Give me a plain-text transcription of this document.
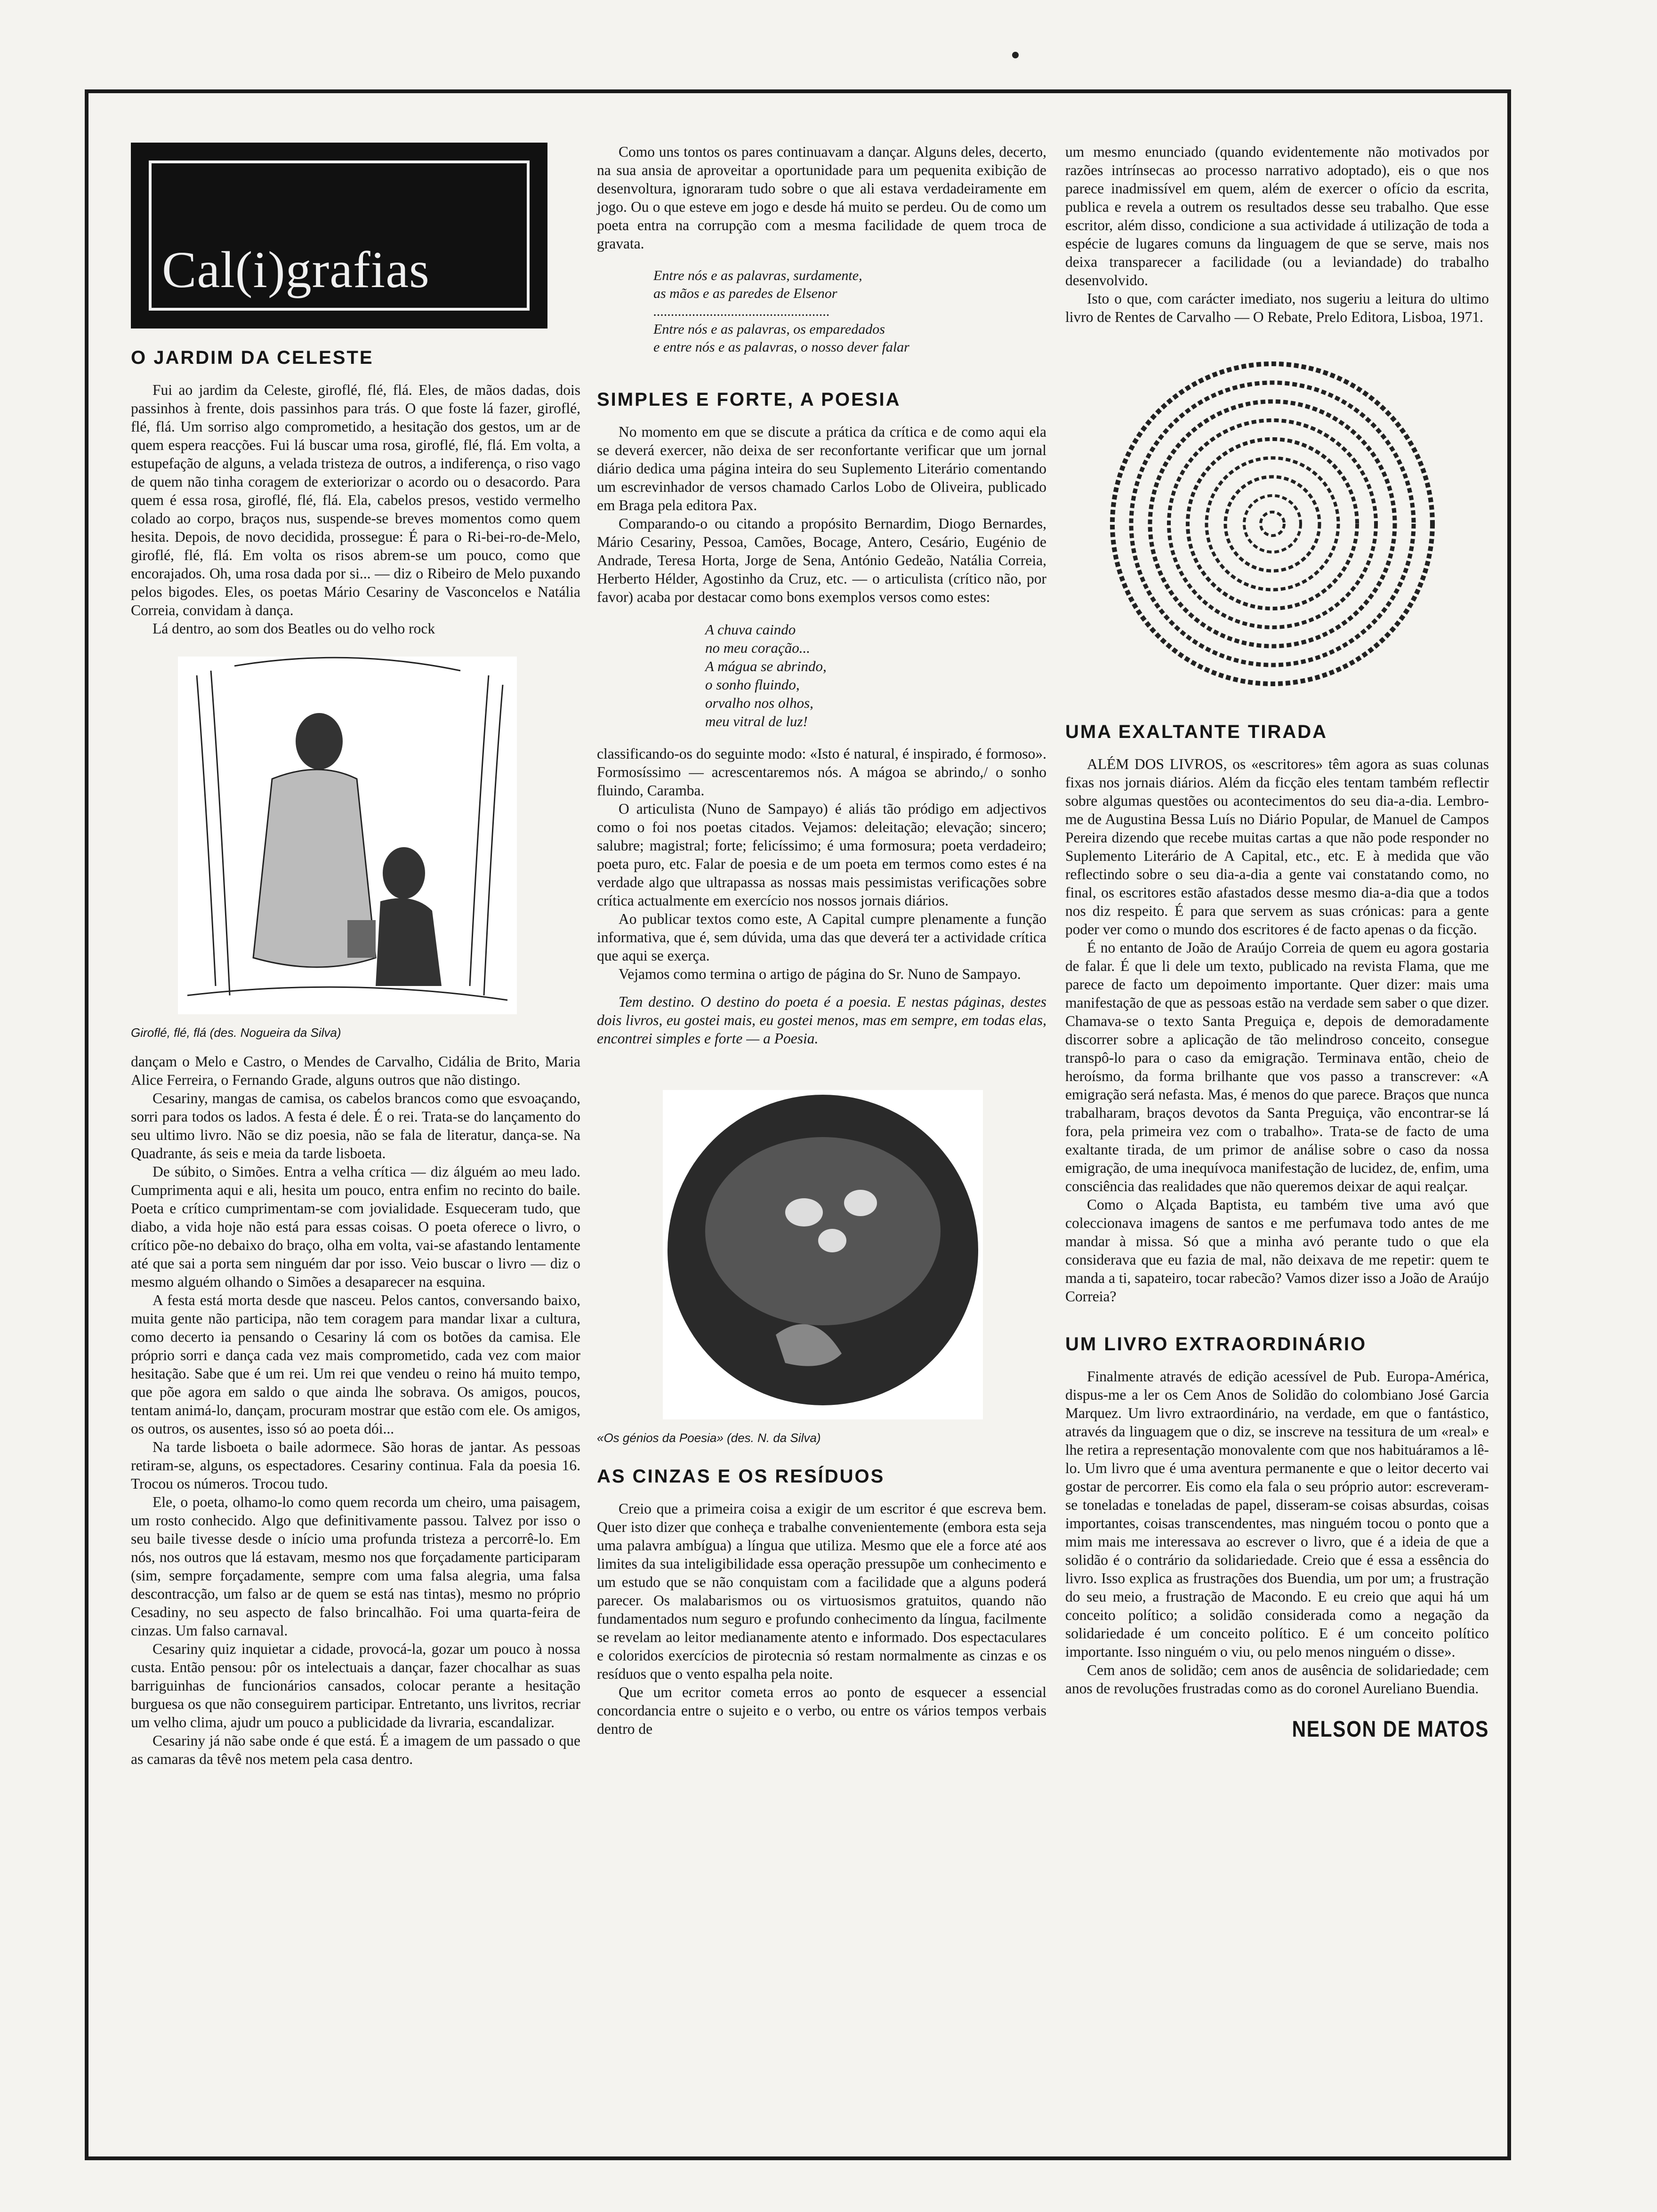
Cal(i)grafias
O JARDIM DA CELESTE

Fui ao jardim da Celeste, giroflé, flé, flá. Eles, de mãos dadas, dois passinhos à frente, dois passinhos para trás. O que foste lá fazer, giroflé, flé, flá. Um sorriso algo comprometido, a hesitação dos gestos, um ar de quem espera reacções. Fui lá buscar uma rosa, giroflé, flé, flá. Em volta, a estupefação de alguns, a velada tristeza de outros, a indiferença, o riso vago de quem não tinha coragem de exteriorizar o acordo ou o desacordo. Para quem é essa rosa, giroflé, flé, flá. Ela, cabelos presos, vestido vermelho colado ao corpo, braços nus, suspende-se breves momentos como quem hesita. Depois, de novo decidida, prossegue: É para o Ri-bei-ro-de-Melo, giroflé, flé, flá. Em volta os risos abrem-se um pouco, como que encorajados. Oh, uma rosa dada por si... — diz o Ribeiro de Melo puxando pelos bigodes. Eles, os poetas Mário Cesariny de Vasconcelos e Natália Correia, convidam à dança.

Lá dentro, ao som dos Beatles ou do velho rock

Giroflé, flé, flá (des. Nogueira da Silva)

dançam o Melo e Castro, o Mendes de Carvalho, Cidália de Brito, Maria Alice Ferreira, o Fernando Grade, alguns outros que não distingo.

Cesariny, mangas de camisa, os cabelos brancos como que esvoaçando, sorri para todos os lados. A festa é dele. É o rei. Trata-se do lançamento do seu ultimo livro. Não se diz poesia, não se fala de literatur, dança-se. Na Quadrante, ás seis e meia da tarde lisboeta.

De súbito, o Simões. Entra a velha crítica — diz álguém ao meu lado. Cumprimenta aqui e ali, hesita um pouco, entra enfim no recinto do baile. Poeta e crítico cumprimentam-se com jovialidade. Esqueceram tudo, que diabo, a vida hoje não está para essas coisas. O poeta oferece o livro, o crítico põe-no debaixo do braço, olha em volta, vai-se afastando lentamente até que sai a porta sem ninguém dar por isso. Veio buscar o livro — diz o mesmo alguém olhando o Simões a desaparecer na esquina.

A festa está morta desde que nasceu. Pelos cantos, conversando baixo, muita gente não participa, não tem coragem para mandar lixar a cultura, como decerto ia pensando o Cesariny lá com os botões da camisa. Ele próprio sorri e dança cada vez mais comprometido, cada vez com maior hesitação. Sabe que é um rei. Um rei que vendeu o reino há muito tempo, que põe agora em saldo o que ainda lhe sobrava. Os amigos, poucos, tentam animá-lo, dançam, procuram mostrar que estão com ele. Os amigos, os outros, os ausentes, isso só ao poeta dói...

Na tarde lisboeta o baile adormece. São horas de jantar. As pessoas retiram-se, alguns, os espectadores. Cesariny continua. Fala da poesia 16. Trocou os números. Trocou tudo.

Ele, o poeta, olhamo-lo como quem recorda um cheiro, uma paisagem, um rosto conhecido. Algo que definitivamente passou. Talvez por isso o seu baile tivesse desde o início uma profunda tristeza a percorrê-lo. Em nós, nos outros que lá estavam, mesmo nos que forçadamente participaram (sim, sempre forçadamente, sempre com uma falsa alegria, uma falsa descontracção, um falso ar de quem se está nas tintas), mesmo no próprio Cesadiny, no seu aspecto de falso brincalhão. Foi uma quarta-feira de cinzas. Um falso carnaval.

Cesariny quiz inquietar a cidade, provocá-la, gozar um pouco à nossa custa. Então pensou: pôr os intelectuais a dançar, fazer chocalhar as suas barriguinhas de funcionários cansados, colocar perante a hesitação burguesa os que não conseguirem participar. Entretanto, uns livritos, recriar um velho clima, ajudr um pouco a publicidade da livraria, escandalizar.

Cesariny já não sabe onde é que está. É a imagem de um passado o que as camaras da têvê nos metem pela casa dentro.

Como uns tontos os pares continuavam a dançar. Alguns deles, decerto, na sua ansia de aproveitar a oportunidade para um pequenita exibição de desenvoltura, ignoraram tudo sobre o que ali estava verdadeiramente em jogo. Ou o que esteve em jogo e desde há muito se perdeu. Ou de como um poeta entra na corrupção com a mesma facilidade de quem troca de gravata.

Entre nós e as palavras, surdamente,
as mãos e as paredes de Elsenor
..................................................
Entre nós e as palavras, os emparedados
e entre nós e as palavras, o nosso dever falar
SIMPLES E FORTE, A POESIA

No momento em que se discute a prática da crítica e de como aqui ela se deverá exercer, não deixa de ser reconfortante verificar que um jornal diário dedica uma página inteira do seu Suplemento Literário comentando um escrevinhador de versos chamado Carlos Lobo de Oliveira, publicado em Braga pela editora Pax.

Comparando-o ou citando a propósito Bernardim, Diogo Bernardes, Mário Cesariny, Pessoa, Camões, Bocage, Antero, Cesário, Eugénio de Andrade, Teresa Horta, Jorge de Sena, António Gedeão, Natália Correia, Herberto Hélder, Agostinho da Cruz, etc. — o articulista (crítico não, por favor) acaba por destacar como bons exemplos versos como estes:

A chuva caindo
no meu coração...
A mágua se abrindo,
o sonho fluindo,
orvalho nos olhos,
meu vitral de luz!

classificando-os do seguinte modo: «Isto é natural, é inspirado, é formoso». Formosíssimo — acrescentaremos nós. A mágoa se abrindo,/ o sonho fluindo, Caramba.

O articulista (Nuno de Sampayo) é aliás tão pródigo em adjectivos como o foi nos poetas citados. Vejamos: deleitação; elevação; sincero; salubre; magistral; forte; felicíssimo; é uma formosura; poeta verdadeiro; poeta puro, etc. Falar de poesia e de um poeta em termos como estes é na verdade algo que ultrapassa as nossas mais pessimistas verificações sobre crítica actualmente em exercício nos nossos jornais diários.

Ao publicar textos como este, A Capital cumpre plenamente a função informativa, que é, sem dúvida, uma das que deverá ter a actividade crítica que aqui se exerça.

Vejamos como termina o artigo de página do Sr. Nuno de Sampayo.

Tem destino. O destino do poeta é a poesia. E nestas páginas, destes dois livros, eu gostei mais, eu gostei menos, mas em sempre, em todas elas, encontrei simples e forte — a Poesia.

«Os génios da Poesia» (des. N. da Silva)

AS CINZAS E OS RESÍDUOS

Creio que a primeira coisa a exigir de um escritor é que escreva bem. Quer isto dizer que conheça e trabalhe convenientemente (embora esta seja uma palavra ambígua) a língua que utiliza. Mesmo que ele a force até aos limites da sua inteligibilidade essa operação pressupõe um conhecimento e um estudo que se não conquistam com a facilidade que a alguns poderá parecer. Os malabarismos ou os virtuosismos gratuitos, quando não fundamentados num seguro e profundo conhecimento da língua, facilmente se revelam ao leitor medianamente atento e informado. Dos espectaculares e coloridos exercícios de pirotecnia só restam normalmente as cinzas e os resíduos que o vento espalha pela noite.

Que um ecritor cometa erros ao ponto de esquecer a essencial concordancia entre o sujeito e o verbo, ou entre os vários tempos verbais dentro de

um mesmo enunciado (quando evidentemente não motivados por razões intrínsecas ao processo narrativo adoptado), eis o que nos parece inadmissível em quem, além de exercer o ofício da escrita, publica e revela a outrem os resultados desse seu trabalho. Que esse escritor, além disso, condicione a sua actividade á utilização de toda a espécie de lugares comuns da linguagem de que se serve, mais nos deixa transparecer a facilidade (ou a leviandade) do trabalho desenvolvido.

Isto o que, com carácter imediato, nos sugeriu a leitura do ultimo livro de Rentes de Carvalho — O Rebate, Prelo Editora, Lisboa, 1971.

UMA EXALTANTE TIRADA

ALÉM DOS LIVROS, os «escritores» têm agora as suas colunas fixas nos jornais diários. Além da ficção eles tentam também reflectir sobre algumas questões ou acontecimentos do seu dia-a-dia. Lembro-me de Augustina Bessa Luís no Diário Popular, de Manuel de Campos Pereira dizendo que recebe muitas cartas a que não pode responder no Suplemento Literário de A Capital, etc., etc. E à medida que vão reflectindo sobre o seu dia-a-dia a gente vai constatando como, no final, os escritores estão afastados desse mesmo dia-a-dia que a todos nos diz respeito. É para que servem as suas crónicas: para a gente poder ver como o mundo dos escritores é de facto apenas o da ficção.

É no entanto de João de Araújo Correia de quem eu agora gostaria de falar. É que li dele um texto, publicado na revista Flama, que me parece de facto um depoimento importante. Quer dizer: mais uma manifestação de que as pessoas estão na verdade sem saber o que dizer. Chamava-se o texto Santa Preguiça e, depois de demoradamente discorrer sobre a aplicação de tão melindroso conceito, consegue transpô-lo para o caso da emigração. Terminava então, cheio de heroísmo, da forma brilhante que vos passo a transcrever: «A emigração será nefasta. Mas, é menos do que parece. Braços que nunca trabalharam, braços devotos da Santa Preguiça, vão encontrar-se lá fora, pela primeira vez com o trabalho». Trata-se de facto de uma exaltante tirada, de um primor de análise sobre o caso da nossa emigração, de uma inequívoca manifestação de lucidez, de, enfim, uma consciência das realidades que não queremos deixar de aqui realçar.

Como o Alçada Baptista, eu também tive uma avó que coleccionava imagens de santos e me perfumava todo antes de me mandar à missa. Só que a minha avó perante tudo o que ela considerava que eu fazia de mal, não deixava de me repetir: quem te manda a ti, sapateiro, tocar rabecão? Vamos dizer isso a João de Araújo Correia?

UM LIVRO EXTRAORDINÁRIO

Finalmente através de edição acessível de Pub. Europa-América, dispus-me a ler os Cem Anos de Solidão do colombiano José Garcia Marquez. Um livro extraordinário, na verdade, em que o fantástico, através da linguagem que o diz, se inscreve na tessitura de um «real» e lhe retira a representação monovalente com que nos habituáramos a lê-lo. Um livro que é uma aventura permanente e que o leitor decerto vai gostar de percorrer. Eis como ela fala o seu próprio autor: escreveram-se toneladas e toneladas de papel, disseram-se coisas absurdas, coisas importantes, coisas transcendentes, mas ninguém tocou o ponto que a mim mais me interessava ao escrever o livro, que é a ideia de que a solidão é o contrário da solidariedade. Creio que é essa a essência do livro. Isso explica as frustrações dos Buendia, um por um; a frustração do seu meio, a frustração de Macondo. E eu creio que aqui há um conceito político; a solidão considerada como a negação da solidariedade é um conceito político. E é um conceito político importante. Isso ninguém o viu, ou pelo menos ninguém o disse».

Cem anos de solidão; cem anos de ausência de solidariedade; cem anos de revoluções frustradas como as do coronel Aureliano Buendia.

NELSON DE MATOS
